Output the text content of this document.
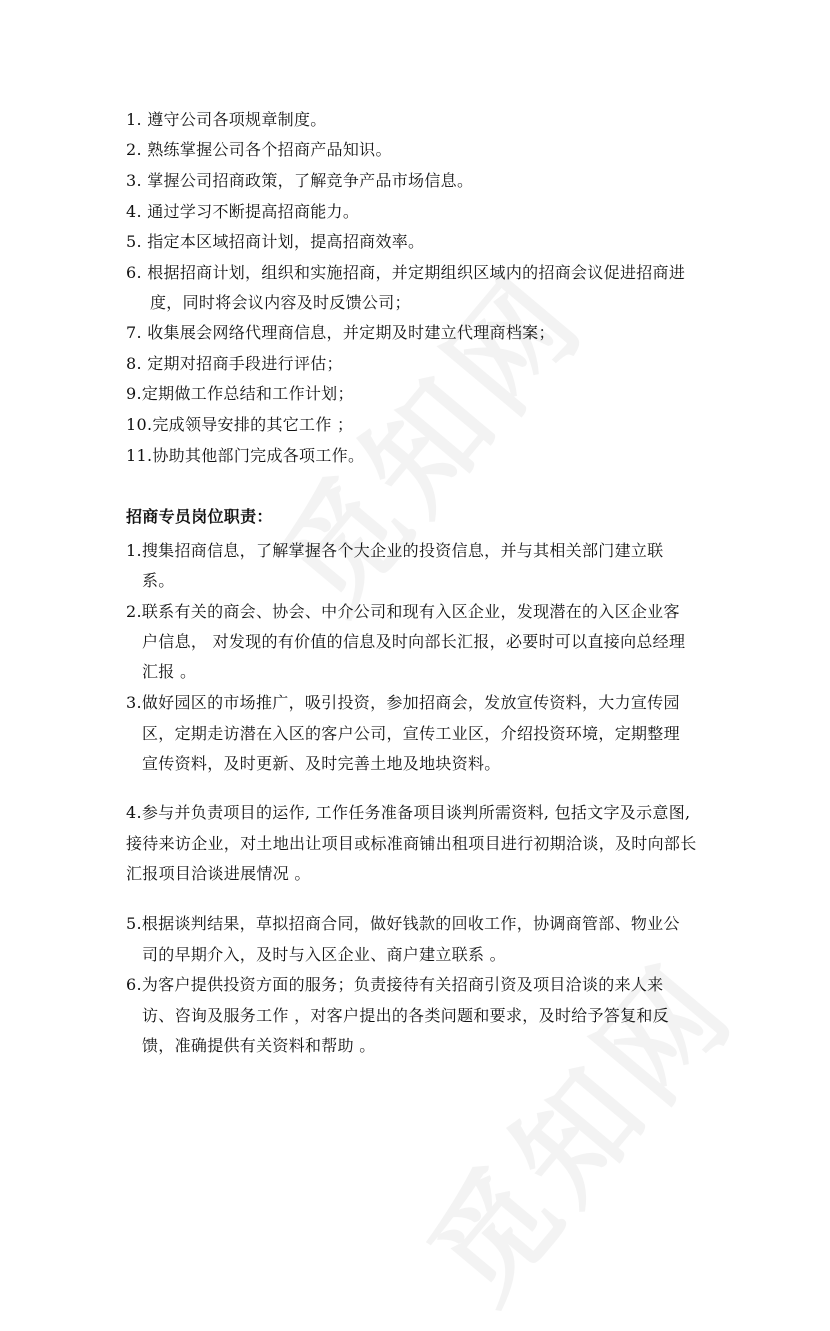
1. 遵守公司各项规章制度。
2. 熟练掌握公司各个招商产品知识。
3. 掌握公司招商政策，了解竞争产品市场信息。
4. 通过学习不断提高招商能力。
5. 指定本区域招商计划，提高招商效率。
6. 根据招商计划，组织和实施招商，并定期组织区域内的招商会议促进招商进
度，同时将会议内容及时反馈公司；
7. 收集展会网络代理商信息，并定期及时建立代理商档案；
8. 定期对招商手段进行评估；
9.定期做工作总结和工作计划；
10.完成领导安排的其它工作 ；
11.协助其他部门完成各项工作。
招商专员岗位职责：
1.搜集招商信息，了解掌握各个大企业的投资信息，并与其相关部门建立联
系。
2.联系有关的商会、协会、中介公司和现有入区企业，发现潜在的入区企业客
户信息， 对发现的有价值的信息及时向部长汇报，必要时可以直接向总经理
汇报 。
3.做好园区的市场推广，吸引投资，参加招商会，发放宣传资料，大力宣传园
区，定期走访潜在入区的客户公司，宣传工业区，介绍投资环境，定期整理
宣传资料，及时更新、及时完善土地及地块资料。
4.参与并负责项目的运作, 工作任务准备项目谈判所需资料, 包括文字及示意图,
接待来访企业，对土地出让项目或标准商铺出租项目进行初期洽谈，及时向部长
汇报项目洽谈进展情况 。
5.根据谈判结果，草拟招商合同，做好钱款的回收工作，协调商管部、物业公
司的早期介入，及时与入区企业、商户建立联系 。
6.为客户提供投资方面的服务；负责接待有关招商引资及项目洽谈的来人来
访、咨询及服务工作 ，对客户提出的各类问题和要求，及时给予答复和反
馈，准确提供有关资料和帮助 。
